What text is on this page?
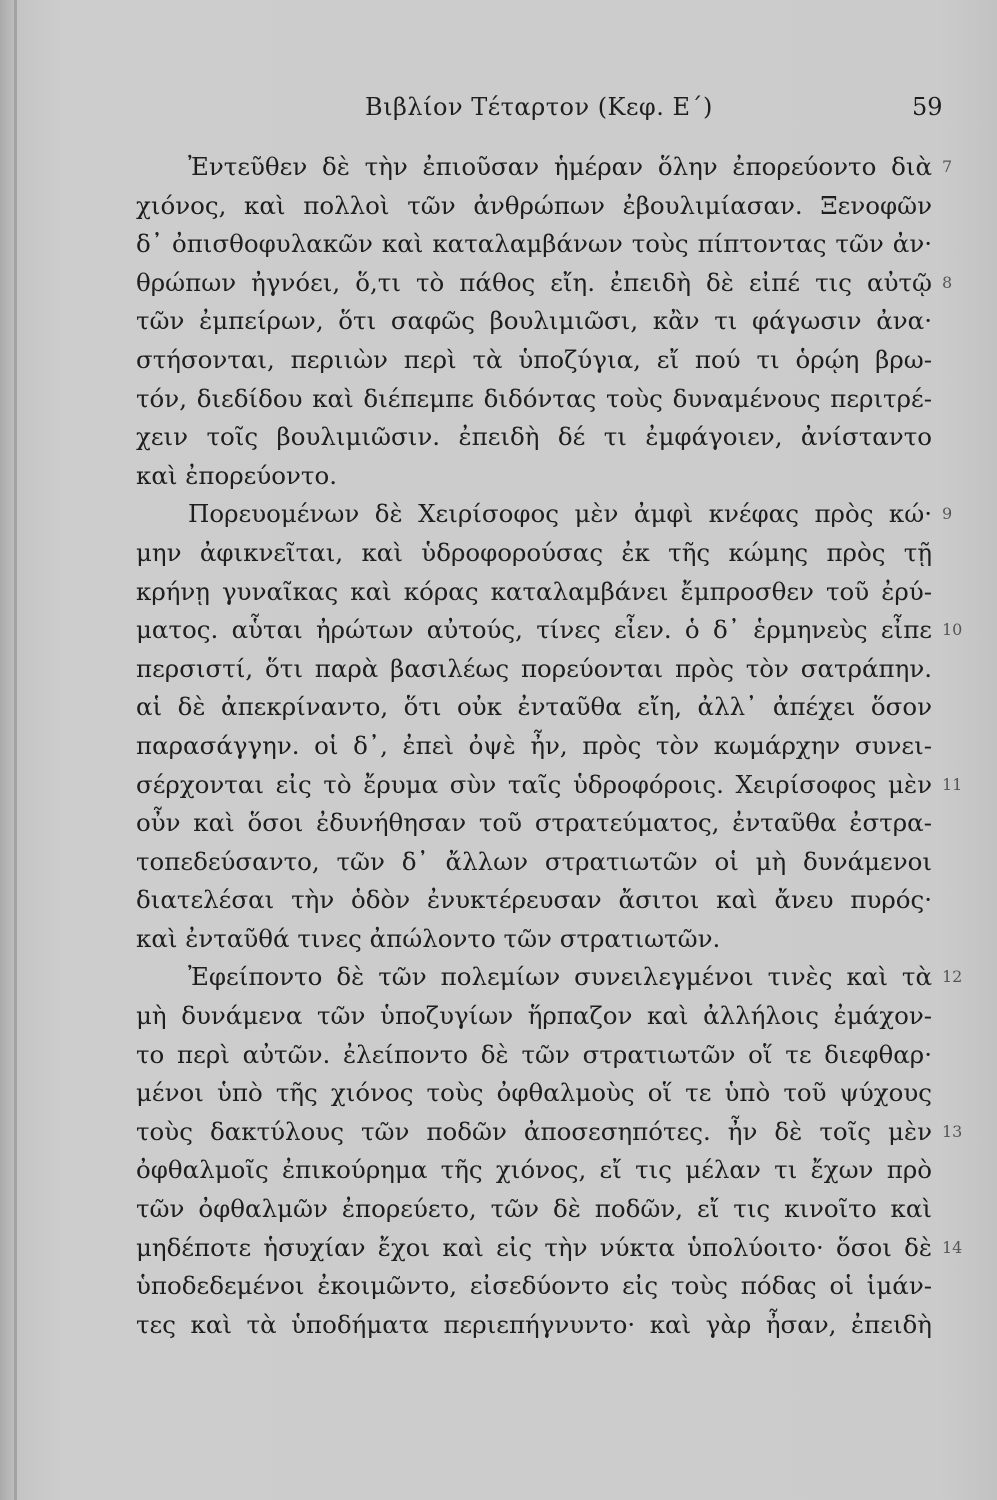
Βιβλίον Τέταρτον (Κεφ. Ε΄)	59
Ἐντεῦθεν δὲ τὴν ἐπιοῦσαν ἡμέραν ὅλην ἐπορεύοντο διὰ 7
χιόνος, καὶ πολλοὶ τῶν ἀνθρώπων ἐβουλιμίασαν. Ξενοφῶν
δ᾽ ὀπισθοφυλακῶν καὶ καταλαμβάνων τοὺς πίπτοντας τῶν ἀν·
θρώπων ἠγνόει, ὅ,τι τὸ πάθος εἴη. ἐπειδὴ δὲ εἰπέ τις αὐτῷ 8
τῶν ἐμπείρων, ὅτι σαφῶς βουλιμιῶσι, κἂν τι φάγωσιν ἀνα·
στήσονται, περιιὼν περὶ τὰ ὑποζύγια, εἴ πού τι ὁρῴη βρω-
τόν, διεδίδου καὶ διέπεμπε διδόντας τοὺς δυναμένους περιτρέ-
χειν τοῖς βουλιμιῶσιν. ἐπειδὴ δέ τι ἐμφάγοιεν, ἀνίσταντο
καὶ ἐπορεύοντο.
Πορευομένων δὲ Χειρίσοφος μὲν ἀμφὶ κνέφας πρὸς κώ· 9
μην ἀφικνεῖται, καὶ ὑδροφορούσας ἐκ τῆς κώμης πρὸς τῇ
κρήνῃ γυναῖκας καὶ κόρας καταλαμβάνει ἔμπροσθεν τοῦ ἐρύ-
ματος. αὗται ἠρώτων αὐτούς, τίνες εἶεν. ὁ δ᾽ ἑρμηνεὺς εἶπε 10
περσιστί, ὅτι παρὰ βασιλέως πορεύονται πρὸς τὸν σατράπην.
αἱ δὲ ἀπεκρίναντο, ὅτι οὐκ ἐνταῦθα εἴη, ἀλλ᾽ ἀπέχει ὅσον
παρασάγγην. οἱ δ᾽, ἐπεὶ ὀψὲ ἦν, πρὸς τὸν κωμάρχην συνει-
σέρχονται εἰς τὸ ἔρυμα σὺν ταῖς ὑδροφόροις. Χειρίσοφος μὲν 11
οὖν καὶ ὅσοι ἐδυνήθησαν τοῦ στρατεύματος, ἐνταῦθα ἐστρα-
τοπεδεύσαντο, τῶν δ᾽ ἄλλων στρατιωτῶν οἱ μὴ δυνάμενοι
διατελέσαι τὴν ὁδὸν ἐνυκτέρευσαν ἄσιτοι καὶ ἄνευ πυρός·
καὶ ἐνταῦθά τινες ἀπώλοντο τῶν στρατιωτῶν.
Ἐφείποντο δὲ τῶν πολεμίων συνειλεγμένοι τινὲς καὶ τὰ 12
μὴ δυνάμενα τῶν ὑποζυγίων ἥρπαζον καὶ ἀλλήλοις ἐμάχον-
το περὶ αὐτῶν. ἐλείποντο δὲ τῶν στρατιωτῶν οἵ τε διεφθαρ·
μένοι ὑπὸ τῆς χιόνος τοὺς ὀφθαλμοὺς οἵ τε ὑπὸ τοῦ ψύχους
τοὺς δακτύλους τῶν ποδῶν ἀποσεσηπότες. ἦν δὲ τοῖς μὲν 13
ὀφθαλμοῖς ἐπικούρημα τῆς χιόνος, εἴ τις μέλαν τι ἔχων πρὸ
τῶν ὀφθαλμῶν ἐπορεύετο, τῶν δὲ ποδῶν, εἴ τις κινοῖτο καὶ
μηδέποτε ἡσυχίαν ἔχοι καὶ εἰς τὴν νύκτα ὑπολύοιτο· ὅσοι δὲ 14
ὑποδεδεμένοι ἐκοιμῶντο, εἰσεδύοντο εἰς τοὺς πόδας οἱ ἱμάν-
τες καὶ τὰ ὑποδήματα περιεπήγνυντο· καὶ γὰρ ἦσαν, ἐπειδὴ
